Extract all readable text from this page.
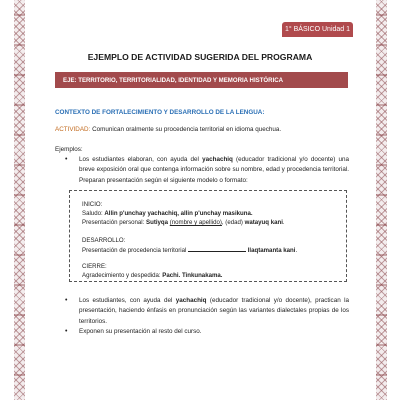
1° BÁSICO Unidad 1
EJEMPLO DE ACTIVIDAD SUGERIDA DEL PROGRAMA
EJE: TERRITORIO, TERRITORIALIDAD, IDENTIDAD Y MEMORIA HISTÓRICA
CONTEXTO DE FORTALECIMIENTO Y DESARROLLO DE LA LENGUA:
ACTIVIDAD: Comunican oralmente su procedencia territorial en idioma quechua.
Ejemplos:
• Los estudiantes elaboran, con ayuda del yachachiq (educador tradicional y/o docente) una breve exposición oral que contenga información sobre su nombre, edad y procedencia territorial. Preparan presentación según el siguiente modelo o formato:
INICIO:
Saludo: Allin p'unchay yachachiq, allin p'unchay masikuna.
Presentación personal: Sutiyqa (nombre y apellido), (edad) watayuq kani.
DESARROLLO:
Presentación de procedencia territorial	llaqtamanta kani.
CIERRE:
Agradecimiento y despedida: Pachi. Tinkunakama.
• Los estudiantes, con ayuda del yachachiq (educador tradicional y/o docente), practican la presentación, haciendo énfasis en pronunciación según las variantes dialectales propias de los territorios.
• Exponen su presentación al resto del curso.
